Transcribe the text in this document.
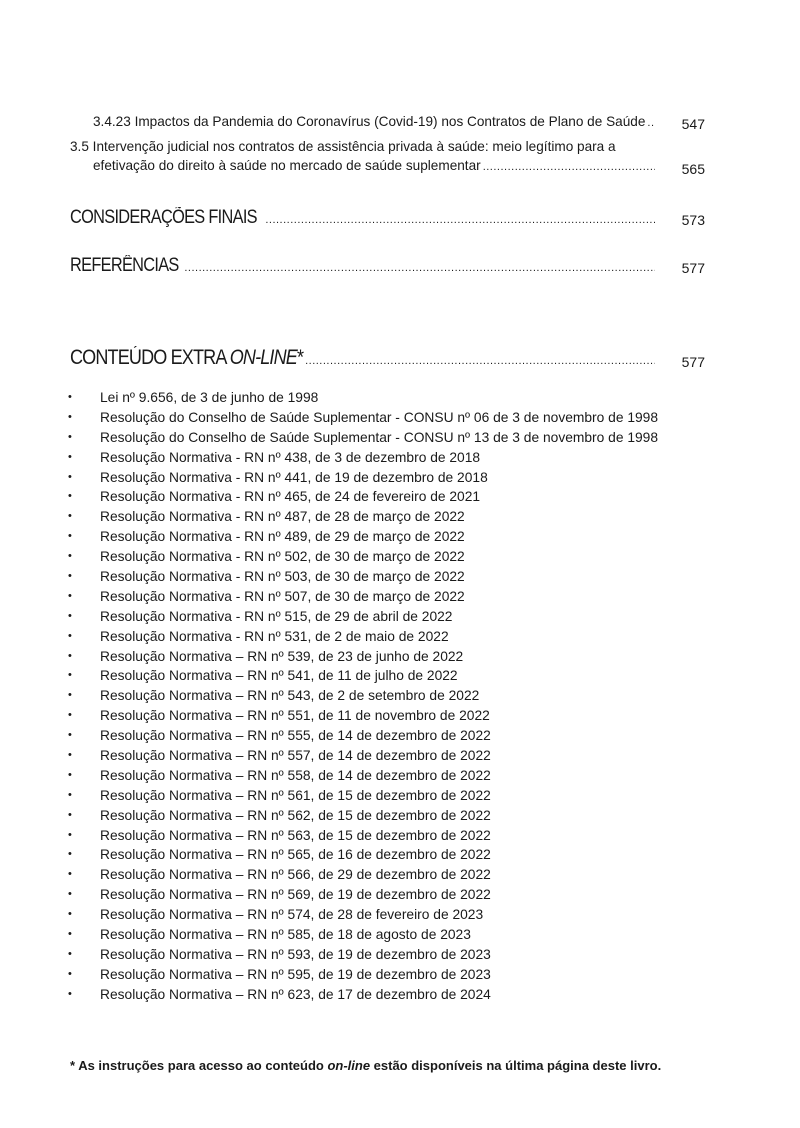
3.4.23 Impactos da Pandemia do Coronavírus (Covid-19) nos Contratos de Plano de Saúde .....	547
3.5 Intervenção judicial nos contratos de assistência privada à saúde: meio legítimo para a
efetivação do direito à saúde no mercado de saúde suplementar .....	565
CONSIDERAÇÕES FINAIS .....	573
REFERÊNCIAS .....	577
CONTEÚDO EXTRA ON-LINE* .....	577
•	Lei nº 9.656, de 3 de junho de 1998
•	Resolução do Conselho de Saúde Suplementar - CONSU nº 06 de 3 de novembro de 1998
•	Resolução do Conselho de Saúde Suplementar - CONSU nº 13 de 3 de novembro de 1998
•	Resolução Normativa - RN nº 438, de 3 de dezembro de 2018
•	Resolução Normativa - RN nº 441, de 19 de dezembro de 2018
•	Resolução Normativa - RN nº 465, de 24 de fevereiro de 2021
•	Resolução Normativa - RN nº 487, de 28 de março de 2022
•	Resolução Normativa - RN nº 489, de 29 de março de 2022
•	Resolução Normativa - RN nº 502, de 30 de março de 2022
•	Resolução Normativa - RN nº 503, de 30 de março de 2022
•	Resolução Normativa - RN nº 507, de 30 de março de 2022
•	Resolução Normativa - RN nº 515, de 29 de abril de 2022
•	Resolução Normativa - RN nº 531, de 2 de maio de 2022
•	Resolução Normativa – RN nº 539, de 23 de junho de 2022
•	Resolução Normativa – RN nº 541, de 11 de julho de 2022
•	Resolução Normativa – RN nº 543, de 2 de setembro de 2022
•	Resolução Normativa – RN nº 551, de 11 de novembro de 2022
•	Resolução Normativa – RN nº 555, de 14 de dezembro de 2022
•	Resolução Normativa – RN nº 557, de 14 de dezembro de 2022
•	Resolução Normativa – RN nº 558, de 14 de dezembro de 2022
•	Resolução Normativa – RN nº 561, de 15 de dezembro de 2022
•	Resolução Normativa – RN nº 562, de 15 de dezembro de 2022
•	Resolução Normativa – RN nº 563, de 15 de dezembro de 2022
•	Resolução Normativa – RN nº 565, de 16 de dezembro de 2022
•	Resolução Normativa – RN nº 566, de 29 de dezembro de 2022
•	Resolução Normativa – RN nº 569, de 19 de dezembro de 2022
•	Resolução Normativa – RN nº 574, de 28 de fevereiro de 2023
•	Resolução Normativa – RN nº 585, de 18 de agosto de 2023
•	Resolução Normativa – RN nº 593, de 19 de dezembro de 2023
•	Resolução Normativa – RN nº 595, de 19 de dezembro de 2023
•	Resolução Normativa – RN nº 623, de 17 de dezembro de 2024
* As instruções para acesso ao conteúdo on-line estão disponíveis na última página deste livro.
